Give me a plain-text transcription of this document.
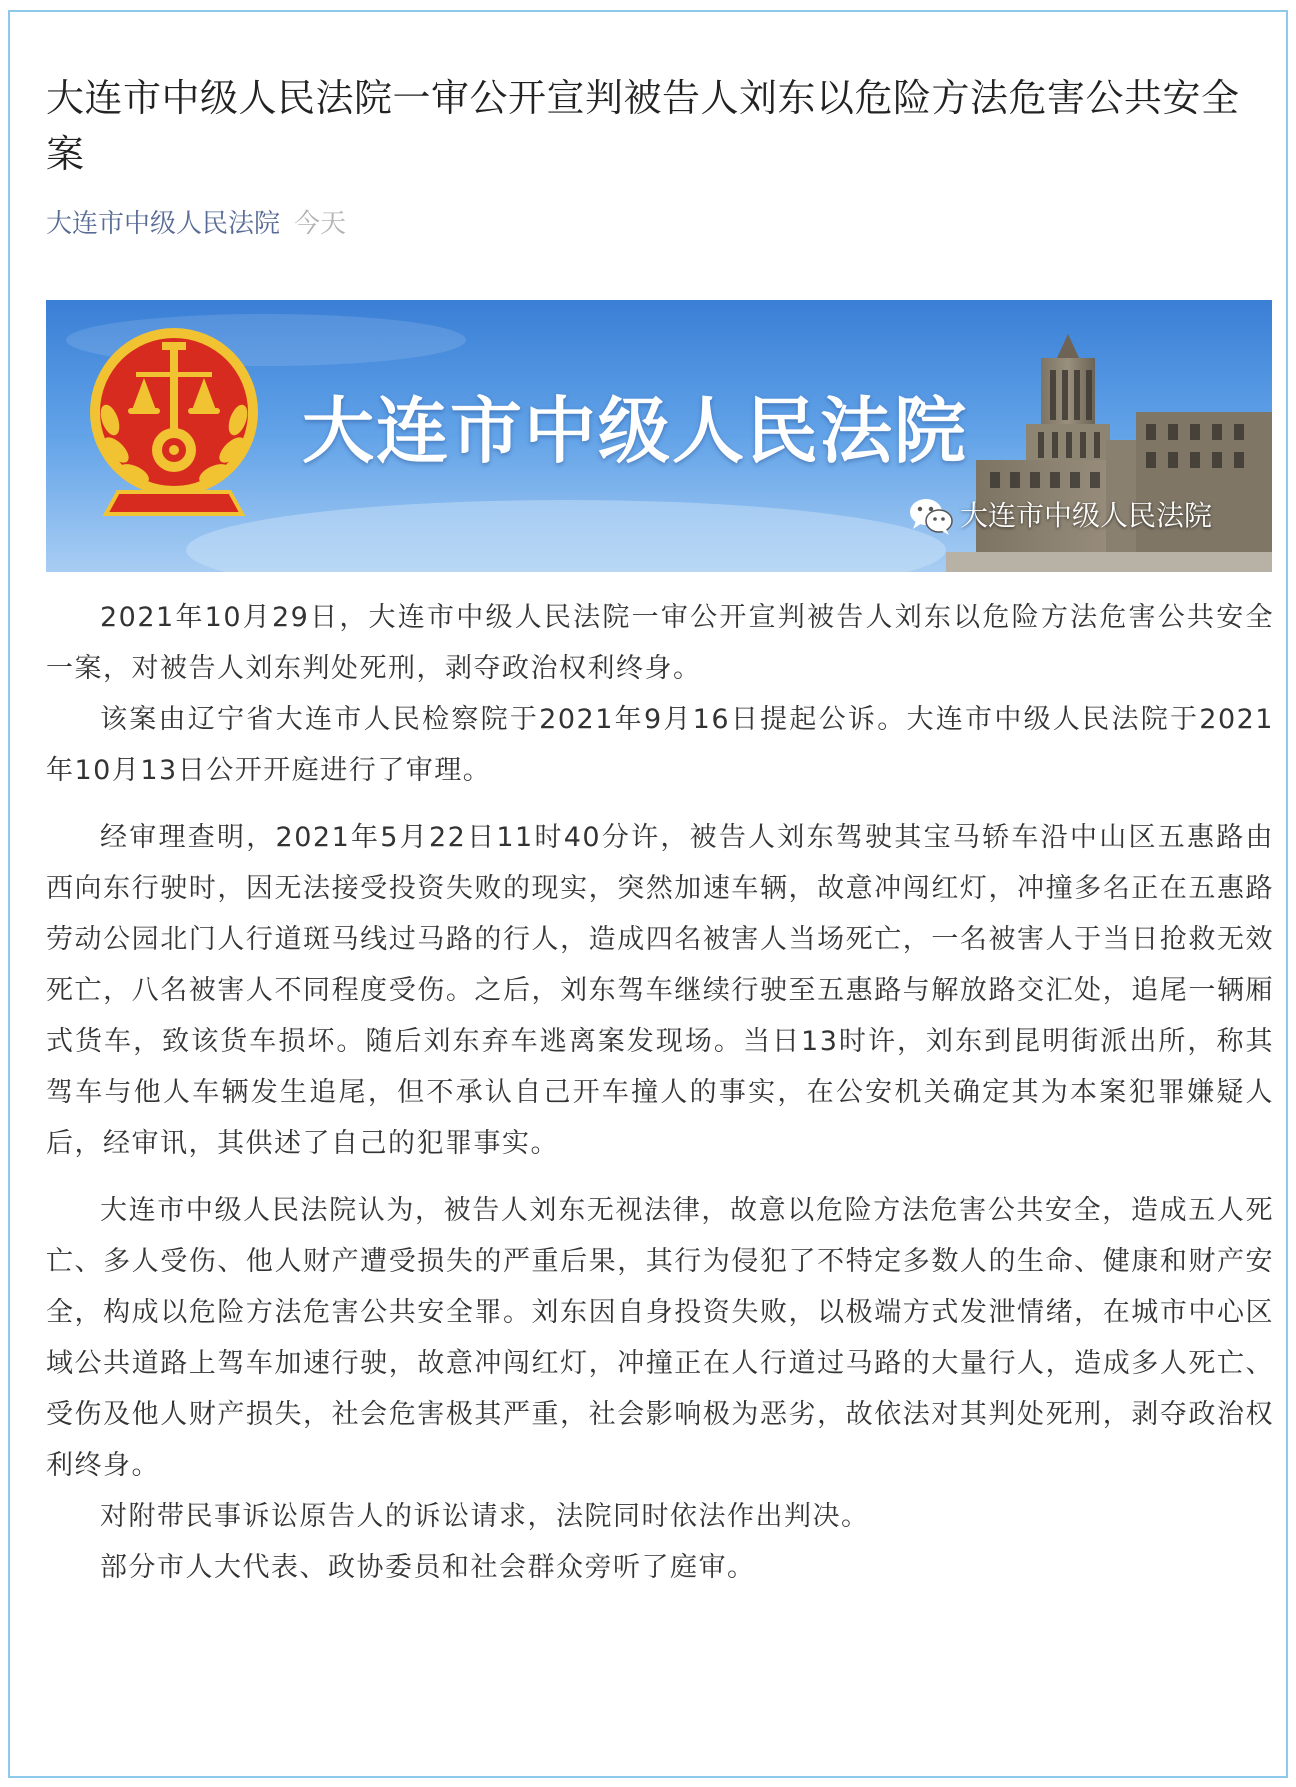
大连市中级人民法院一审公开宣判被告人刘东以危险方法危害公共安全案
大连市中级人民法院 今天
大连市中级人民法院
大连市中级人民法院

2021年10月29日，大连市中级人民法院一审公开宣判被告人刘东以危险方法危害公共安全一案，对被告人刘东判处死刑，剥夺政治权利终身。

该案由辽宁省大连市人民检察院于2021年9月16日提起公诉。大连市中级人民法院于2021年10月13日公开开庭进行了审理。

经审理查明，2021年5月22日11时40分许，被告人刘东驾驶其宝马轿车沿中山区五惠路由西向东行驶时，因无法接受投资失败的现实，突然加速车辆，故意冲闯红灯，冲撞多名正在五惠路劳动公园北门人行道斑马线过马路的行人，造成四名被害人当场死亡，一名被害人于当日抢救无效死亡，八名被害人不同程度受伤。之后，刘东驾车继续行驶至五惠路与解放路交汇处，追尾一辆厢式货车，致该货车损坏。随后刘东弃车逃离案发现场。当日13时许，刘东到昆明街派出所，称其驾车与他人车辆发生追尾，但不承认自己开车撞人的事实，在公安机关确定其为本案犯罪嫌疑人后，经审讯，其供述了自己的犯罪事实。

大连市中级人民法院认为，被告人刘东无视法律，故意以危险方法危害公共安全，造成五人死亡、多人受伤、他人财产遭受损失的严重后果，其行为侵犯了不特定多数人的生命、健康和财产安全，构成以危险方法危害公共安全罪。刘东因自身投资失败，以极端方式发泄情绪，在城市中心区域公共道路上驾车加速行驶，故意冲闯红灯，冲撞正在人行道过马路的大量行人，造成多人死亡、受伤及他人财产损失，社会危害极其严重，社会影响极为恶劣，故依法对其判处死刑，剥夺政治权利终身。

对附带民事诉讼原告人的诉讼请求，法院同时依法作出判决。

部分市人大代表、政协委员和社会群众旁听了庭审。
